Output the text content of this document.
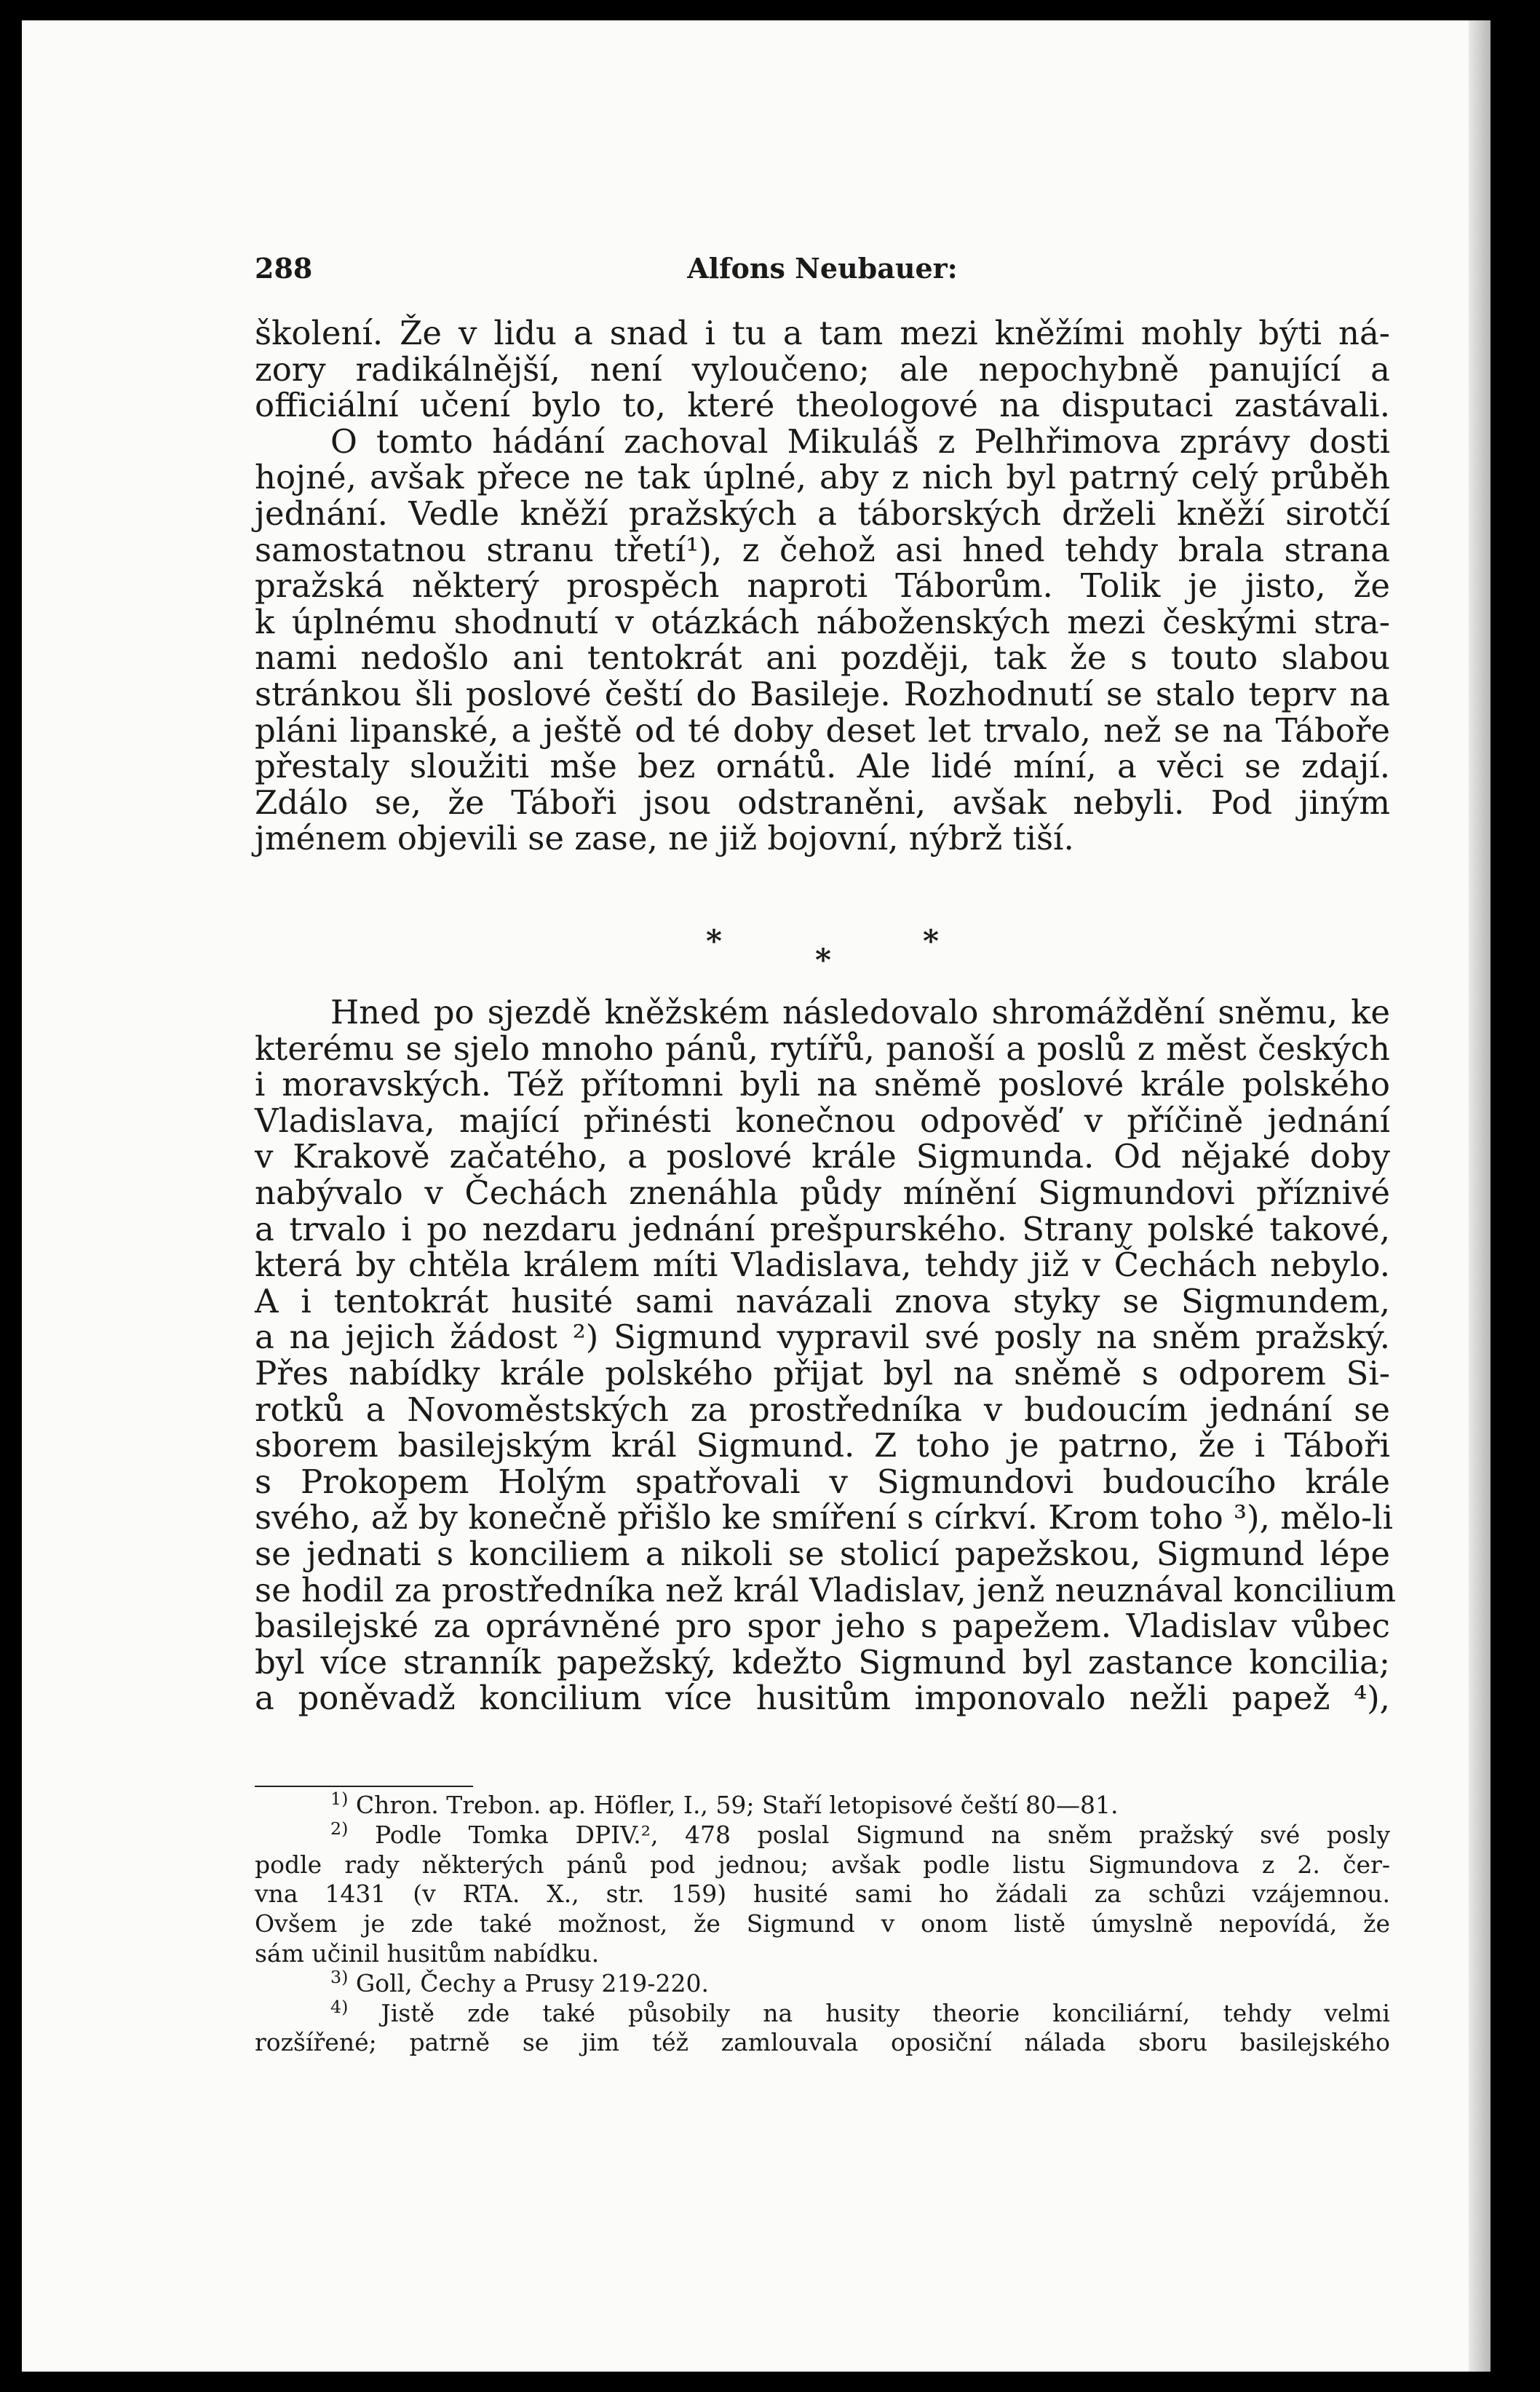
288	Alfons Neubauer:
školení. Že v lidu a snad i tu a tam mezi kněžími mohly býti ná-
zory radikálnější, není vyloučeno; ale nepochybně panující a
officiální učení bylo to, které theologové na disputaci zastávali.
O tomto hádání zachoval Mikuláš z Pelhřimova zprávy dosti
hojné, avšak přece ne tak úplné, aby z nich byl patrný celý průběh
jednání. Vedle kněží pražských a táborských drželi kněží sirotčí
samostatnou stranu třetí¹), z čehož asi hned tehdy brala strana
pražská některý prospěch naproti Táborům. Tolik je jisto, že
k úplnému shodnutí v otázkách náboženských mezi českými stra-
nami nedošlo ani tentokrát ani později, tak že s touto slabou
stránkou šli poslové čeští do Basileje. Rozhodnutí se stalo teprv na
pláni lipanské, a ještě od té doby deset let trvalo, než se na Táboře
přestaly sloužiti mše bez ornátů. Ale lidé míní, a věci se zdají.
Zdálo se, že Táboři jsou odstraněni, avšak nebyli. Pod jiným
jménem objevili se zase, ne již bojovní, nýbrž tiší.
*
*
*
Hned po sjezdě kněžském následovalo shromáždění sněmu, ke
kterému se sjelo mnoho pánů, rytířů, panoší a poslů z měst českých
i moravských. Též přítomni byli na sněmě poslové krále polského
Vladislava, mající přinésti konečnou odpověď v příčině jednání
v Krakově začatého, a poslové krále Sigmunda. Od nějaké doby
nabývalo v Čechách znenáhla půdy mínění Sigmundovi příznivé
a trvalo i po nezdaru jednání prešpurského. Strany polské takové,
která by chtěla králem míti Vladislava, tehdy již v Čechách nebylo.
A i tentokrát husité sami navázali znova styky se Sigmundem,
a na jejich žádost ²) Sigmund vypravil své posly na sněm pražský.
Přes nabídky krále polského přijat byl na sněmě s odporem Si-
rotků a Novoměstských za prostředníka v budoucím jednání se
sborem basilejským král Sigmund. Z toho je patrno, že i Táboři
s Prokopem Holým spatřovali v Sigmundovi budoucího krále
svého, až by konečně přišlo ke smíření s církví. Krom toho ³), mělo-li
se jednati s konciliem a nikoli se stolicí papežskou, Sigmund lépe
se hodil za prostředníka než král Vladislav, jenž neuznával koncilium
basilejské za oprávněné pro spor jeho s papežem. Vladislav vůbec
byl více stranník papežský, kdežto Sigmund byl zastance koncilia;
a poněvadž koncilium více husitům imponovalo nežli papež ⁴),
$^{1)}$ Chron. Trebon. ap. Höfler, I., 59; Staří letopisové čeští 80—81.
$^{2)}$ Podle Tomka DPIV.², 478 poslal Sigmund na sněm pražský své posly
podle rady některých pánů pod jednou; avšak podle listu Sigmundova z 2. čer-
vna 1431 (v RTA. X., str. 159) husité sami ho žádali za schůzi vzájemnou.
Ovšem je zde také možnost, že Sigmund v onom listě úmyslně nepovídá, že
sám učinil husitům nabídku.
$^{3)}$ Goll, Čechy a Prusy 219-220.
$^{4)}$ Jistě zde také působily na husity theorie konciliární, tehdy velmi
rozšířené; patrně se jim též zamlouvala oposiční nálada sboru basilejského
